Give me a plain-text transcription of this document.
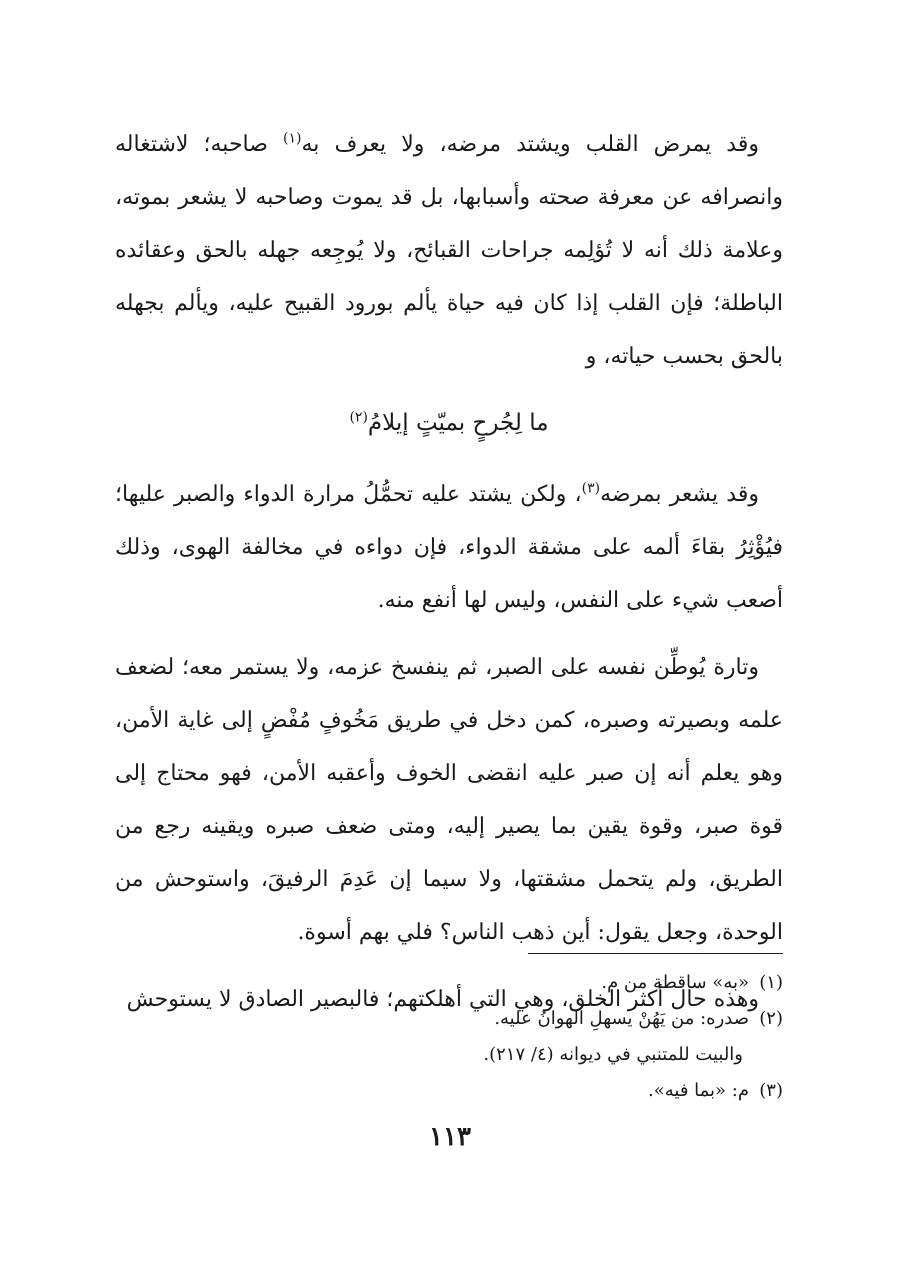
وقد يمرض القلب ويشتد مرضه، ولا يعرف به$^{(١)}$ صاحبه؛ لاشتغاله وانصرافه عن معرفة صحته وأسبابها، بل قد يموت وصاحبه لا يشعر بموته، وعلامة ذلك أنه لا تُؤلِمه جراحات القبائح، ولا يُوجِعه جهله بالحق وعقائده الباطلة؛ فإن القلب إذا كان فيه حياة يألم بورود القبيح عليه، ويألم بجهله بالحق بحسب حياته، و

ما لِجُرحٍ بميّتٍ إيلامُ$^{(٢)}$

وقد يشعر بمرضه$^{(٣)}$، ولكن يشتد عليه تحمُّلُ مرارة الدواء والصبر عليها؛ فيُؤْثِرُ بقاءَ ألمه على مشقة الدواء، فإن دواءه في مخالفة الهوى، وذلك أصعب شيء على النفس، وليس لها أنفع منه.

وتارة يُوطِّن نفسه على الصبر، ثم ينفسخ عزمه، ولا يستمر معه؛ لضعف علمه وبصيرته وصبره، كمن دخل في طريق مَخُوفٍ مُفْضٍ إلى غاية الأمن، وهو يعلم أنه إن صبر عليه انقضى الخوف وأعقبه الأمن، فهو محتاج إلى قوة صبر، وقوة يقين بما يصير إليه، ومتى ضعف صبره ويقينه رجع من الطريق، ولم يتحمل مشقتها، ولا سيما إن عَدِمَ الرفيقَ، واستوحش من الوحدة، وجعل يقول: أين ذهب الناس؟ فلي بهم أسوة.

وهذه حال أكثر الخلق، وهي التي أهلكتهم؛ فالبصير الصادق لا يستوحش

(١)«به» ساقطة من م.

(٢)صدره: من يَهُنْ يسهلِ الهوانُ عليه.

والبيت للمتنبي في ديوانه (٤/ ٢١٧).

(٣)م: «بما فيه».

١١٣
